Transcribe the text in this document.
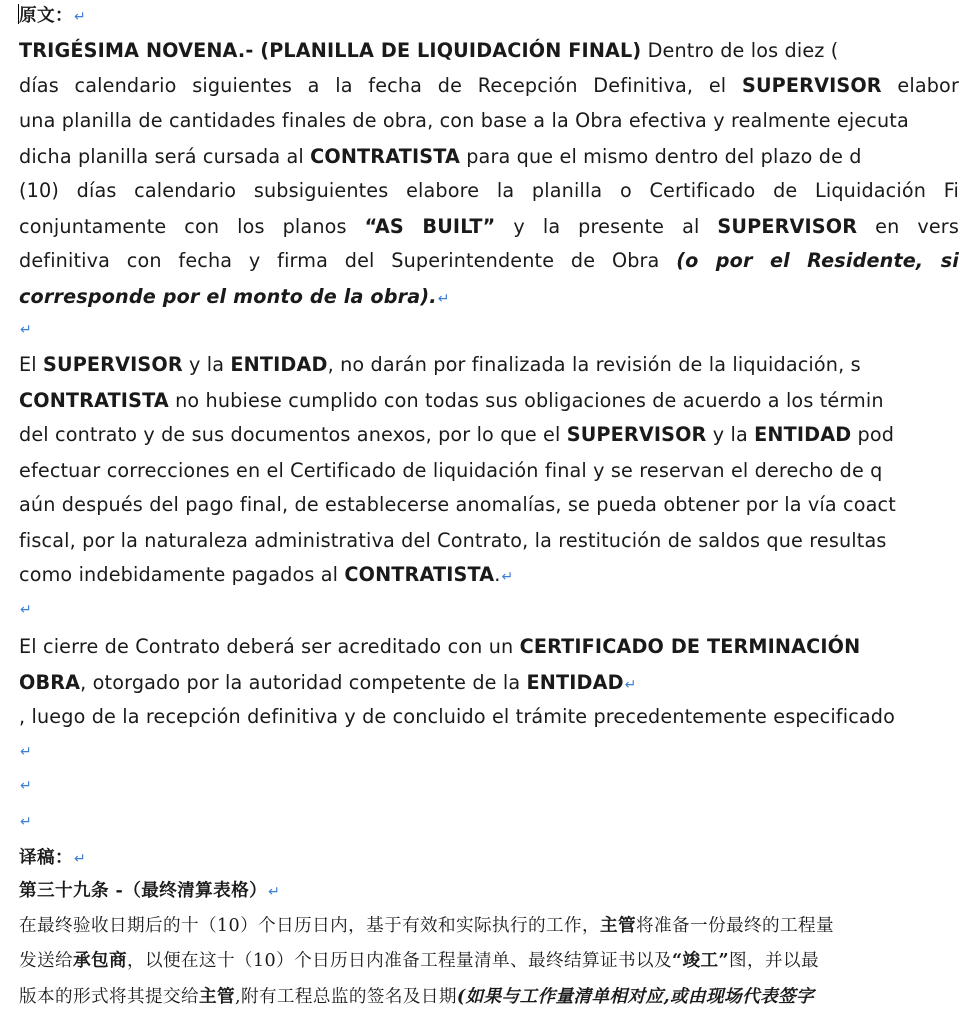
原文：↵
TRIGÉSIMA NOVENA.- (PLANILLA DE LIQUIDACIÓN FINAL) Dentro de los diez (
días calendario siguientes a la fecha de Recepción Definitiva, el SUPERVISOR elabor
una planilla de cantidades finales de obra, con base a la Obra efectiva y realmente ejecuta
dicha planilla será cursada al CONTRATISTA para que el mismo dentro del plazo de d
(10) días calendario subsiguientes elabore la planilla o Certificado de Liquidación Fi
conjuntamente con los planos “AS BUILT” y la presente al SUPERVISOR en vers
definitiva con fecha y firma del Superintendente de Obra (o por el Residente, si
corresponde por el monto de la obra).↵
↵
El SUPERVISOR y la ENTIDAD, no darán por finalizada la revisión de la liquidación, s
CONTRATISTA no hubiese cumplido con todas sus obligaciones de acuerdo a los términ
del contrato y de sus documentos anexos, por lo que el SUPERVISOR y la ENTIDAD pod
efectuar correcciones en el Certificado de liquidación final y se reservan el derecho de q
aún después del pago final, de establecerse anomalías, se pueda obtener por la vía coact
fiscal, por la naturaleza administrativa del Contrato, la restitución de saldos que resultas
como indebidamente pagados al CONTRATISTA.↵
↵
El cierre de Contrato deberá ser acreditado con un CERTIFICADO DE TERMINACIÓN
OBRA, otorgado por la autoridad competente de la ENTIDAD↵
, luego de la recepción definitiva y de concluido el trámite precedentemente especificado
↵
↵
↵
译稿：↵
第三十九条 -（最终清算表格）↵
在最终验收日期后的十（10）个日历日内，基于有效和实际执行的工作，主管将准备一份最终的工程量
发送给承包商，以便在这十（10）个日历日内准备工程量清单、最终结算证书以及“竣工”图，并以最
版本的形式将其提交给主管,附有工程总监的签名及日期(如果与工作量清单相对应,或由现场代表签字
